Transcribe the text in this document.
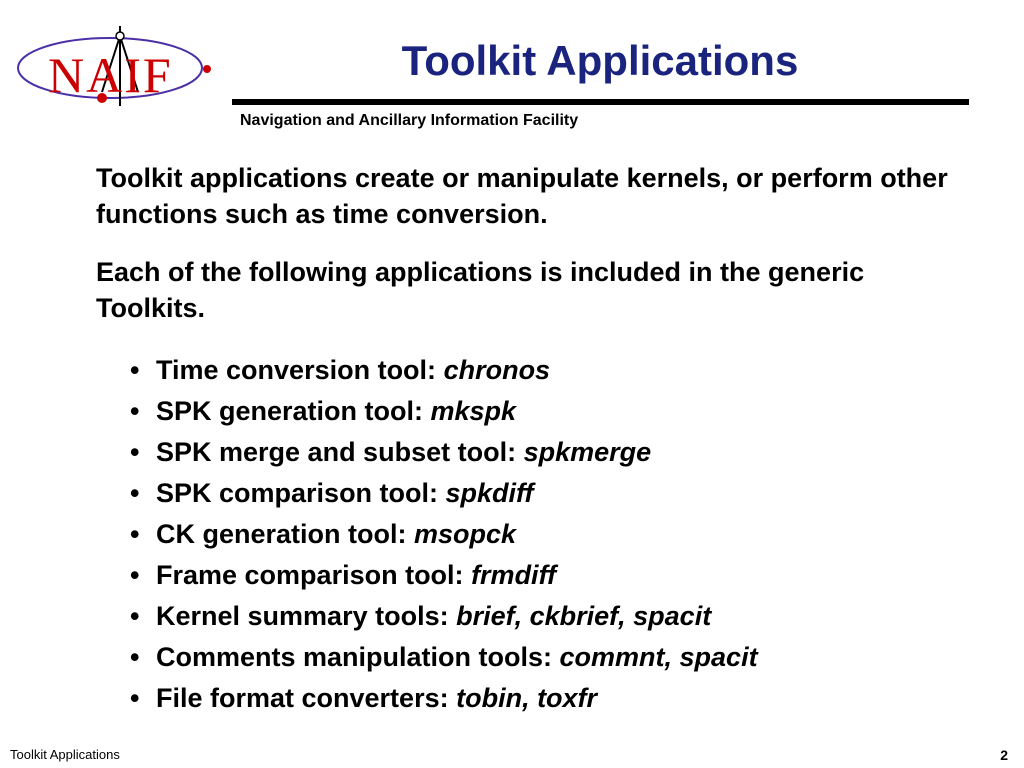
NAIF	Toolkit Applications
Navigation and Ancillary Information Facility

Toolkit applications create or manipulate kernels, or perform other functions such as time conversion.

Each of the following applications is included in the generic Toolkits.

• Time conversion tool: chronos
• SPK generation tool: mkspk
• SPK merge and subset tool: spkmerge
• SPK comparison tool: spkdiff
• CK generation tool: msopck
• Frame comparison tool: frmdiff
• Kernel summary tools: brief, ckbrief, spacit
• Comments manipulation tools: commnt, spacit
• File format converters: tobin, toxfr
Toolkit Applications	2
